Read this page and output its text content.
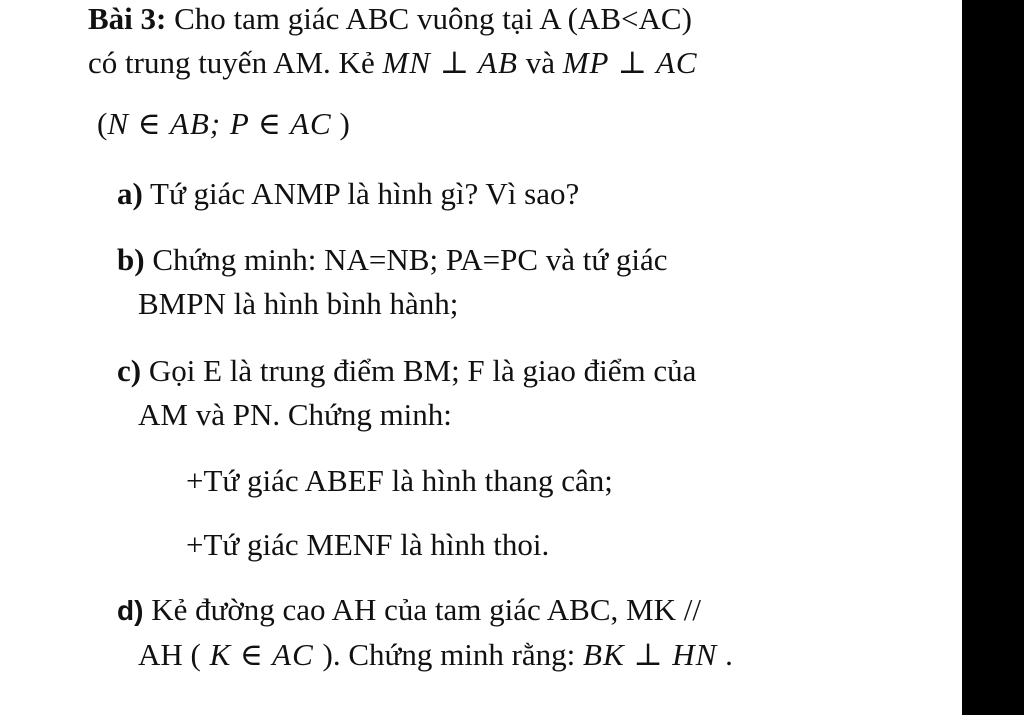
Bài 3: Cho tam giác ABC vuông tại A (AB<AC)
có trung tuyến AM. Kẻ MN ⊥ AB và MP ⊥ AC
(N ∈ AB; P ∈ AC )
a) Tứ giác ANMP là hình gì? Vì sao?
b) Chứng minh: NA=NB; PA=PC và tứ giác
BMPN là hình bình hành;
c) Gọi E là trung điểm BM; F là giao điểm của
AM và PN. Chứng minh:
+Tứ giác ABEF là hình thang cân;
+Tứ giác MENF là hình thoi.
d) Kẻ đường cao AH của tam giác ABC, MK //
AH ( K ∈ AC ). Chứng minh rằng: BK ⊥ HN .
